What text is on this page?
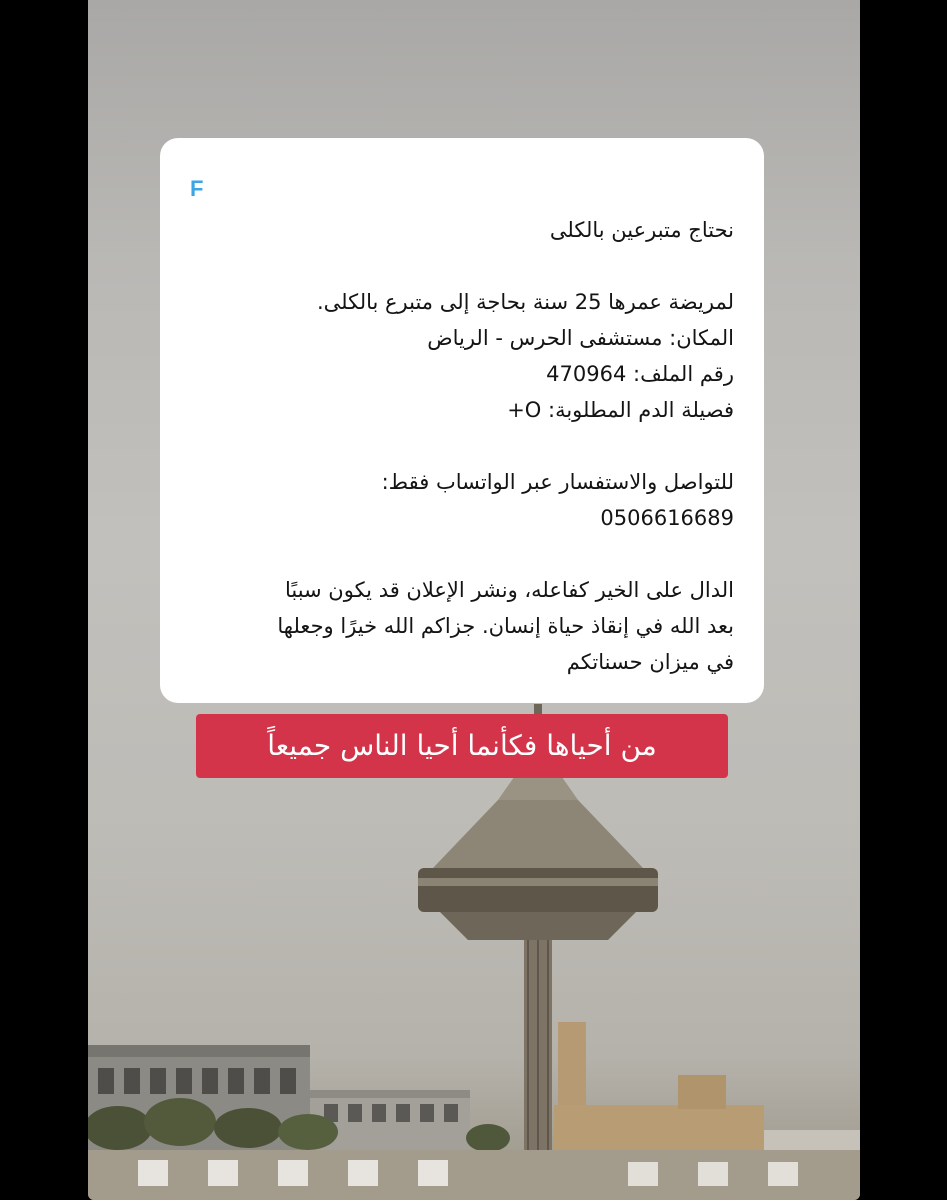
F
نحتاج متبرعين بالكلى
لمريضة عمرها 25 سنة بحاجة إلى متبرع بالكلى.
المكان: مستشفى الحرس - الرياض
رقم الملف: 470964
فصيلة الدم المطلوبة: O+
للتواصل والاستفسار عبر الواتساب فقط:
0506616689
الدال على الخير كفاعله، ونشر الإعلان قد يكون سببًا
بعد الله في إنقاذ حياة إنسان. جزاكم الله خيرًا وجعلها
في ميزان حسناتكم
من أحياها فكأنما أحيا الناس جميعاً
